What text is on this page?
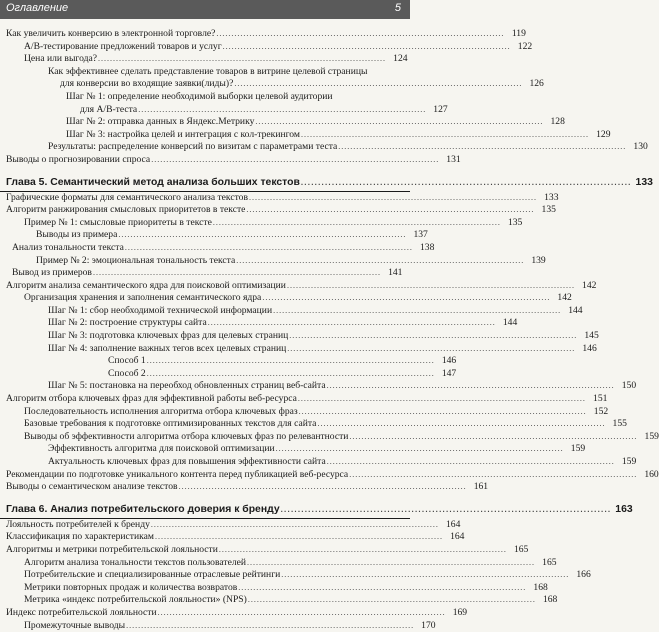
Оглавление	5
Как увеличить конверсию в электронной торговле? . . .	119
A/B-тестирование предложений товаров и услуг . . .	122
Цена или выгода? . . .	124
Как эффективнее сделать представление товаров в витрине целевой страницы
для конверсии во входящие заявки(лиды)? . . .	126
Шаг № 1: определение необходимой выборки целевой аудитории
для A/B-теста . . .	127
Шаг № 2: отправка данных в Яндекс.Метрику . . .	128
Шаг № 3: настройка целей и интеграция с кол-трекингом . . .	129
Результаты: распределение конверсий по визитам с параметрами теста . . .	130
Выводы о прогнозировании спроса . . .	131
Глава 5. Семантический метод анализа больших текстов . . .	133
Графические форматы для семантического анализа текстов . . .	133
Алгоритм ранжирования смысловых приоритетов в тексте . . .	135
Пример № 1: смысловые приоритеты в тексте . . .	135
Выводы из примера . . .	137
Анализ тональности текста . . .	138
Пример № 2: эмоциональная тональность текста . . .	139
Вывод из примеров . . .	141
Алгоритм анализа семантического ядра для поисковой оптимизации . . .	142
Организация хранения и заполнения семантического ядра . . .	142
Шаг № 1: сбор необходимой технической информации . . .	144
Шаг № 2: построение структуры сайта . . .	144
Шаг № 3: подготовка ключевых фраз для целевых страниц . . .	145
Шаг № 4: заполнение важных тегов всех целевых страниц . . .	146
Способ 1 . . .	146
Способ 2 . . .	147
Шаг № 5: постановка на переобход обновленных страниц веб-сайта . . .	150
Алгоритм отбора ключевых фраз для эффективной работы веб-ресурса . . .	151
Последовательность исполнения алгоритма отбора ключевых фраз . . .	152
Базовые требования к подготовке оптимизированных текстов для сайта . . .	155
Выводы об эффективности алгоритма отбора ключевых фраз по релевантности . . .	159
Эффективность алгоритма для поисковой оптимизации . . .	159
Актуальность ключевых фраз для повышения эффективности сайта . . .	159
Рекомендации по подготовке уникального контента перед публикацией веб-ресурса . . .	160
Выводы о семантическом анализе текстов . . .	161
Глава 6. Анализ потребительского доверия к бренду . . .	163
Лояльность потребителей к бренду . . .	164
Классификация по характеристикам . . .	164
Алгоритмы и метрики потребительской лояльности . . .	165
Алгоритм анализа тональности текстов пользователей . . .	165
Потребительские и специализированные отраслевые рейтинги . . .	166
Метрики повторных продаж и количества возвратов . . .	168
Метрика «индекс потребительской лояльности» (NPS) . . .	168
Индекс потребительской лояльности . . .	169
Промежуточные выводы . . .	170
